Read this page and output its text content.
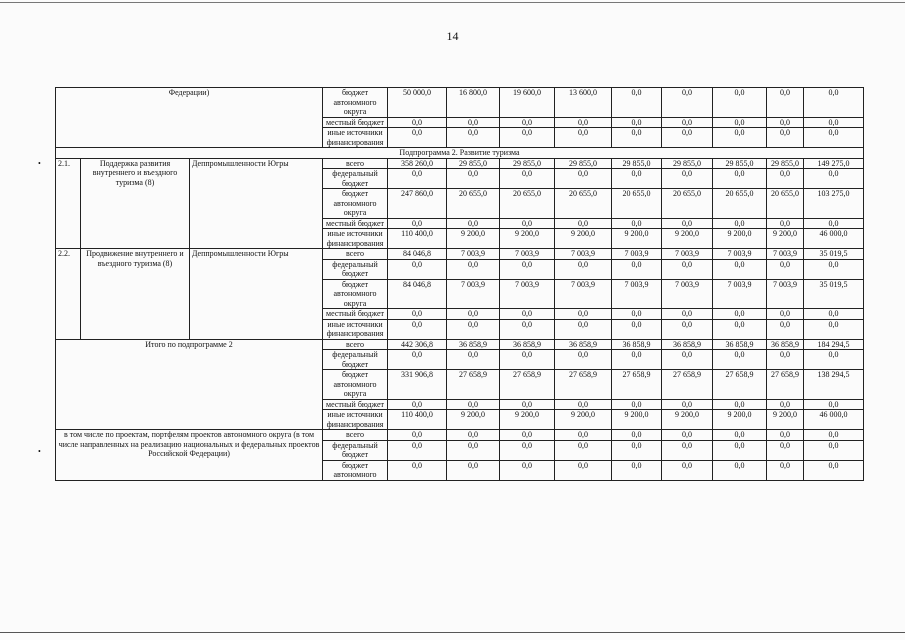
14
•
•
Федерации)			бюджет автономного округа	50 000,0	16 800,0	19 600,0	13 600,0	0,0	0,0	0,0	0,0	0,0
			местный бюджет	0,0	0,0	0,0	0,0	0,0	0,0	0,0	0,0	0,0
			иные источники финансирования	0,0	0,0	0,0	0,0	0,0	0,0	0,0	0,0	0,0
Подпрограмма 2. Развитие туризма												
2.1.	Поддержка развития внутреннего и въездного туризма (8)	Деппромышленности Югры	всего	358 260,0	29 855,0	29 855,0	29 855,0	29 855,0	29 855,0	29 855,0	29 855,0	149 275,0
			федеральный бюджет	0,0	0,0	0,0	0,0	0,0	0,0	0,0	0,0	0,0
			бюджет автономного округа	247 860,0	20 655,0	20 655,0	20 655,0	20 655,0	20 655,0	20 655,0	20 655,0	103 275,0
			местный бюджет	0,0	0,0	0,0	0,0	0,0	0,0	0,0	0,0	0,0
			иные источники финансирования	110 400,0	9 200,0	9 200,0	9 200,0	9 200,0	9 200,0	9 200,0	9 200,0	46 000,0
2.2.	Продвижение внутреннего и въездного туризма (8)	Деппромышленности Югры	всего	84 046,8	7 003,9	7 003,9	7 003,9	7 003,9	7 003,9	7 003,9	7 003,9	35 019,5
			федеральный бюджет	0,0	0,0	0,0	0,0	0,0	0,0	0,0	0,0	0,0
			бюджет автономного округа	84 046,8	7 003,9	7 003,9	7 003,9	7 003,9	7 003,9	7 003,9	7 003,9	35 019,5
			местный бюджет	0,0	0,0	0,0	0,0	0,0	0,0	0,0	0,0	0,0
			иные источники финансирования	0,0	0,0	0,0	0,0	0,0	0,0	0,0	0,0	0,0
Итого по подпрограмме 2			всего	442 306,8	36 858,9	36 858,9	36 858,9	36 858,9	36 858,9	36 858,9	36 858,9	184 294,5
			федеральный бюджет	0,0	0,0	0,0	0,0	0,0	0,0	0,0	0,0	0,0
			бюджет автономного округа	331 906,8	27 658,9	27 658,9	27 658,9	27 658,9	27 658,9	27 658,9	27 658,9	138 294,5
			местный бюджет	0,0	0,0	0,0	0,0	0,0	0,0	0,0	0,0	0,0
			иные источники финансирования	110 400,0	9 200,0	9 200,0	9 200,0	9 200,0	9 200,0	9 200,0	9 200,0	46 000,0
в том числе по проектам, портфелям проектов автономного округа (в том числе направленных на реализацию национальных и федеральных проектов Российской Федерации)			всего	0,0	0,0	0,0	0,0	0,0	0,0	0,0	0,0	0,0
			федеральный бюджет	0,0	0,0	0,0	0,0	0,0	0,0	0,0	0,0	0,0
			бюджет автономного	0,0	0,0	0,0	0,0	0,0	0,0	0,0	0,0	0,0
